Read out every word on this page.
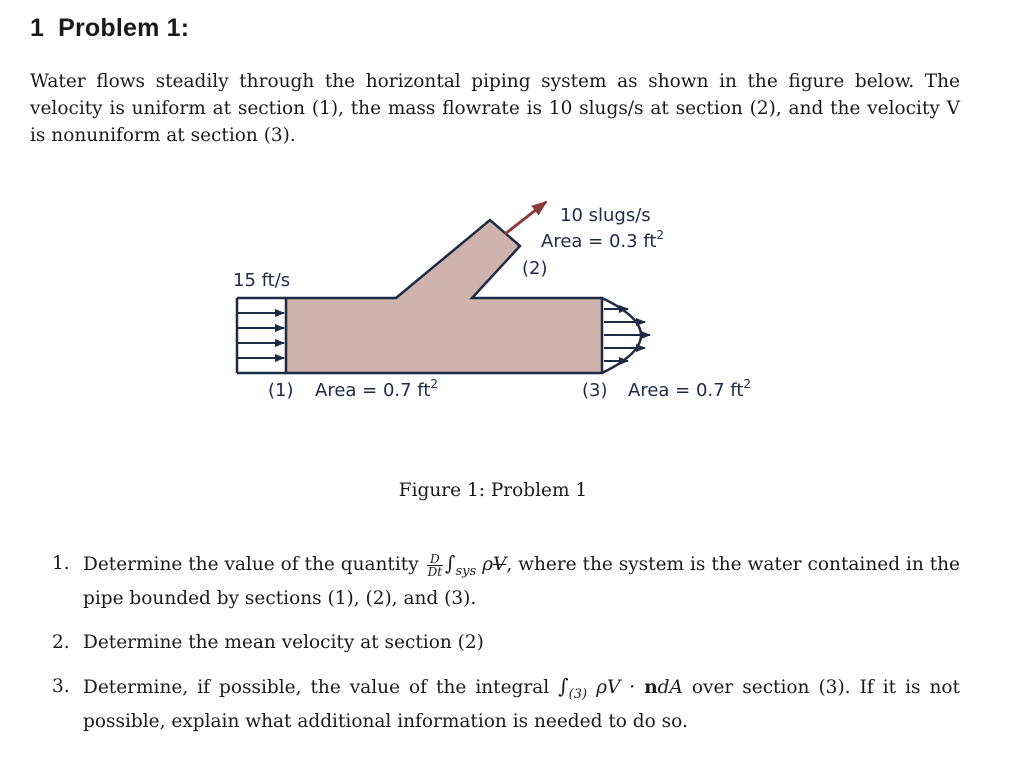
1 Problem 1:

Water flows steadily through the horizontal piping system as shown in the figure below. The velocity is uniform at section (1), the mass flowrate is 10 slugs/s at section (2), and the velocity V is nonuniform at section (3).

15 ft/s
10 slugs/s
Area = 0.3 $ft^2$
(2)
(1) Area = 0.7 $ft^2$	(3) Area = 0.7 $ft^2$

Figure 1: Problem 1

1. Determine the value of the quantity $\frac{D}{Dt} \int_{sys}$ ρV, where the system is the water contained in the pipe bounded by sections (1), (2), and (3).
2. Determine the mean velocity at section (2)
3. Determine, if possible, the value of the integral $\int_{(3)}$ ρV · ndA over section (3). If it is not possible, explain what additional information is needed to do so.
